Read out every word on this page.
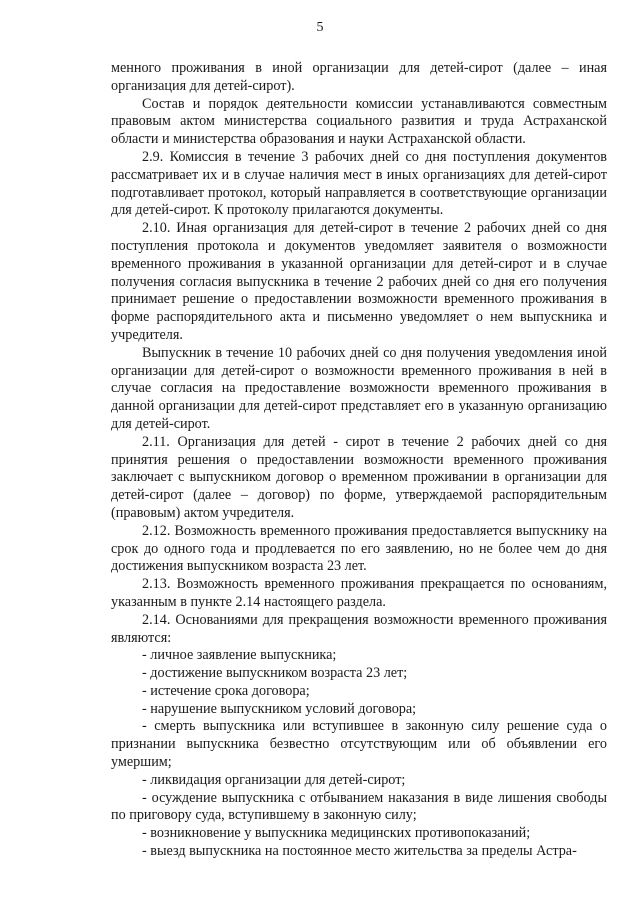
5

менного проживания в иной организации для детей-сирот (далее – иная организация для детей-сирот).

Состав и порядок деятельности комиссии устанавливаются совместным правовым актом министерства социального развития и труда Астраханской области и министерства образования и науки Астраханской области.

2.9. Комиссия в течение 3 рабочих дней со дня поступления документов рассматривает их и в случае наличия мест в иных организациях для детей-сирот подготавливает протокол, который направляется в соответствующие организации для детей-сирот. К протоколу прилагаются документы.

2.10. Иная организация для детей-сирот в течение 2 рабочих дней со дня поступления протокола и документов уведомляет заявителя о возможности временного проживания в указанной организации для детей-сирот и в случае получения согласия выпускника в течение 2 рабочих дней со дня его получения принимает решение о предоставлении возможности временного проживания в форме распорядительного акта и письменно уведомляет о нем выпускника и учредителя.

Выпускник в течение 10 рабочих дней со дня получения уведомления иной организации для детей-сирот о возможности временного проживания в ней в случае согласия на предоставление возможности временного проживания в данной организации для детей-сирот представляет его в указанную организацию для детей-сирот.

2.11. Организация для детей - сирот в течение 2 рабочих дней со дня принятия решения о предоставлении возможности временного проживания заключает с выпускником договор о временном проживании в организации для детей-сирот (далее – договор) по форме, утверждаемой распорядительным (правовым) актом учредителя.

2.12. Возможность временного проживания предоставляется выпускнику на срок до одного года и продлевается по его заявлению, но не более чем до дня достижения выпускником возраста 23 лет.

2.13. Возможность временного проживания прекращается по основаниям, указанным в пункте 2.14 настоящего раздела.

2.14. Основаниями для прекращения возможности временного проживания являются:

- личное заявление выпускника;

- достижение выпускником возраста 23 лет;

- истечение срока договора;

- нарушение выпускником условий договора;

- смерть выпускника или вступившее в законную силу решение суда о признании выпускника безвестно отсутствующим или об объявлении его умершим;

- ликвидация организации для детей-сирот;

- осуждение выпускника с отбыванием наказания в виде лишения свободы по приговору суда, вступившему в законную силу;

- возникновение у выпускника медицинских противопоказаний;

- выезд выпускника на постоянное место жительства за пределы Астра-
